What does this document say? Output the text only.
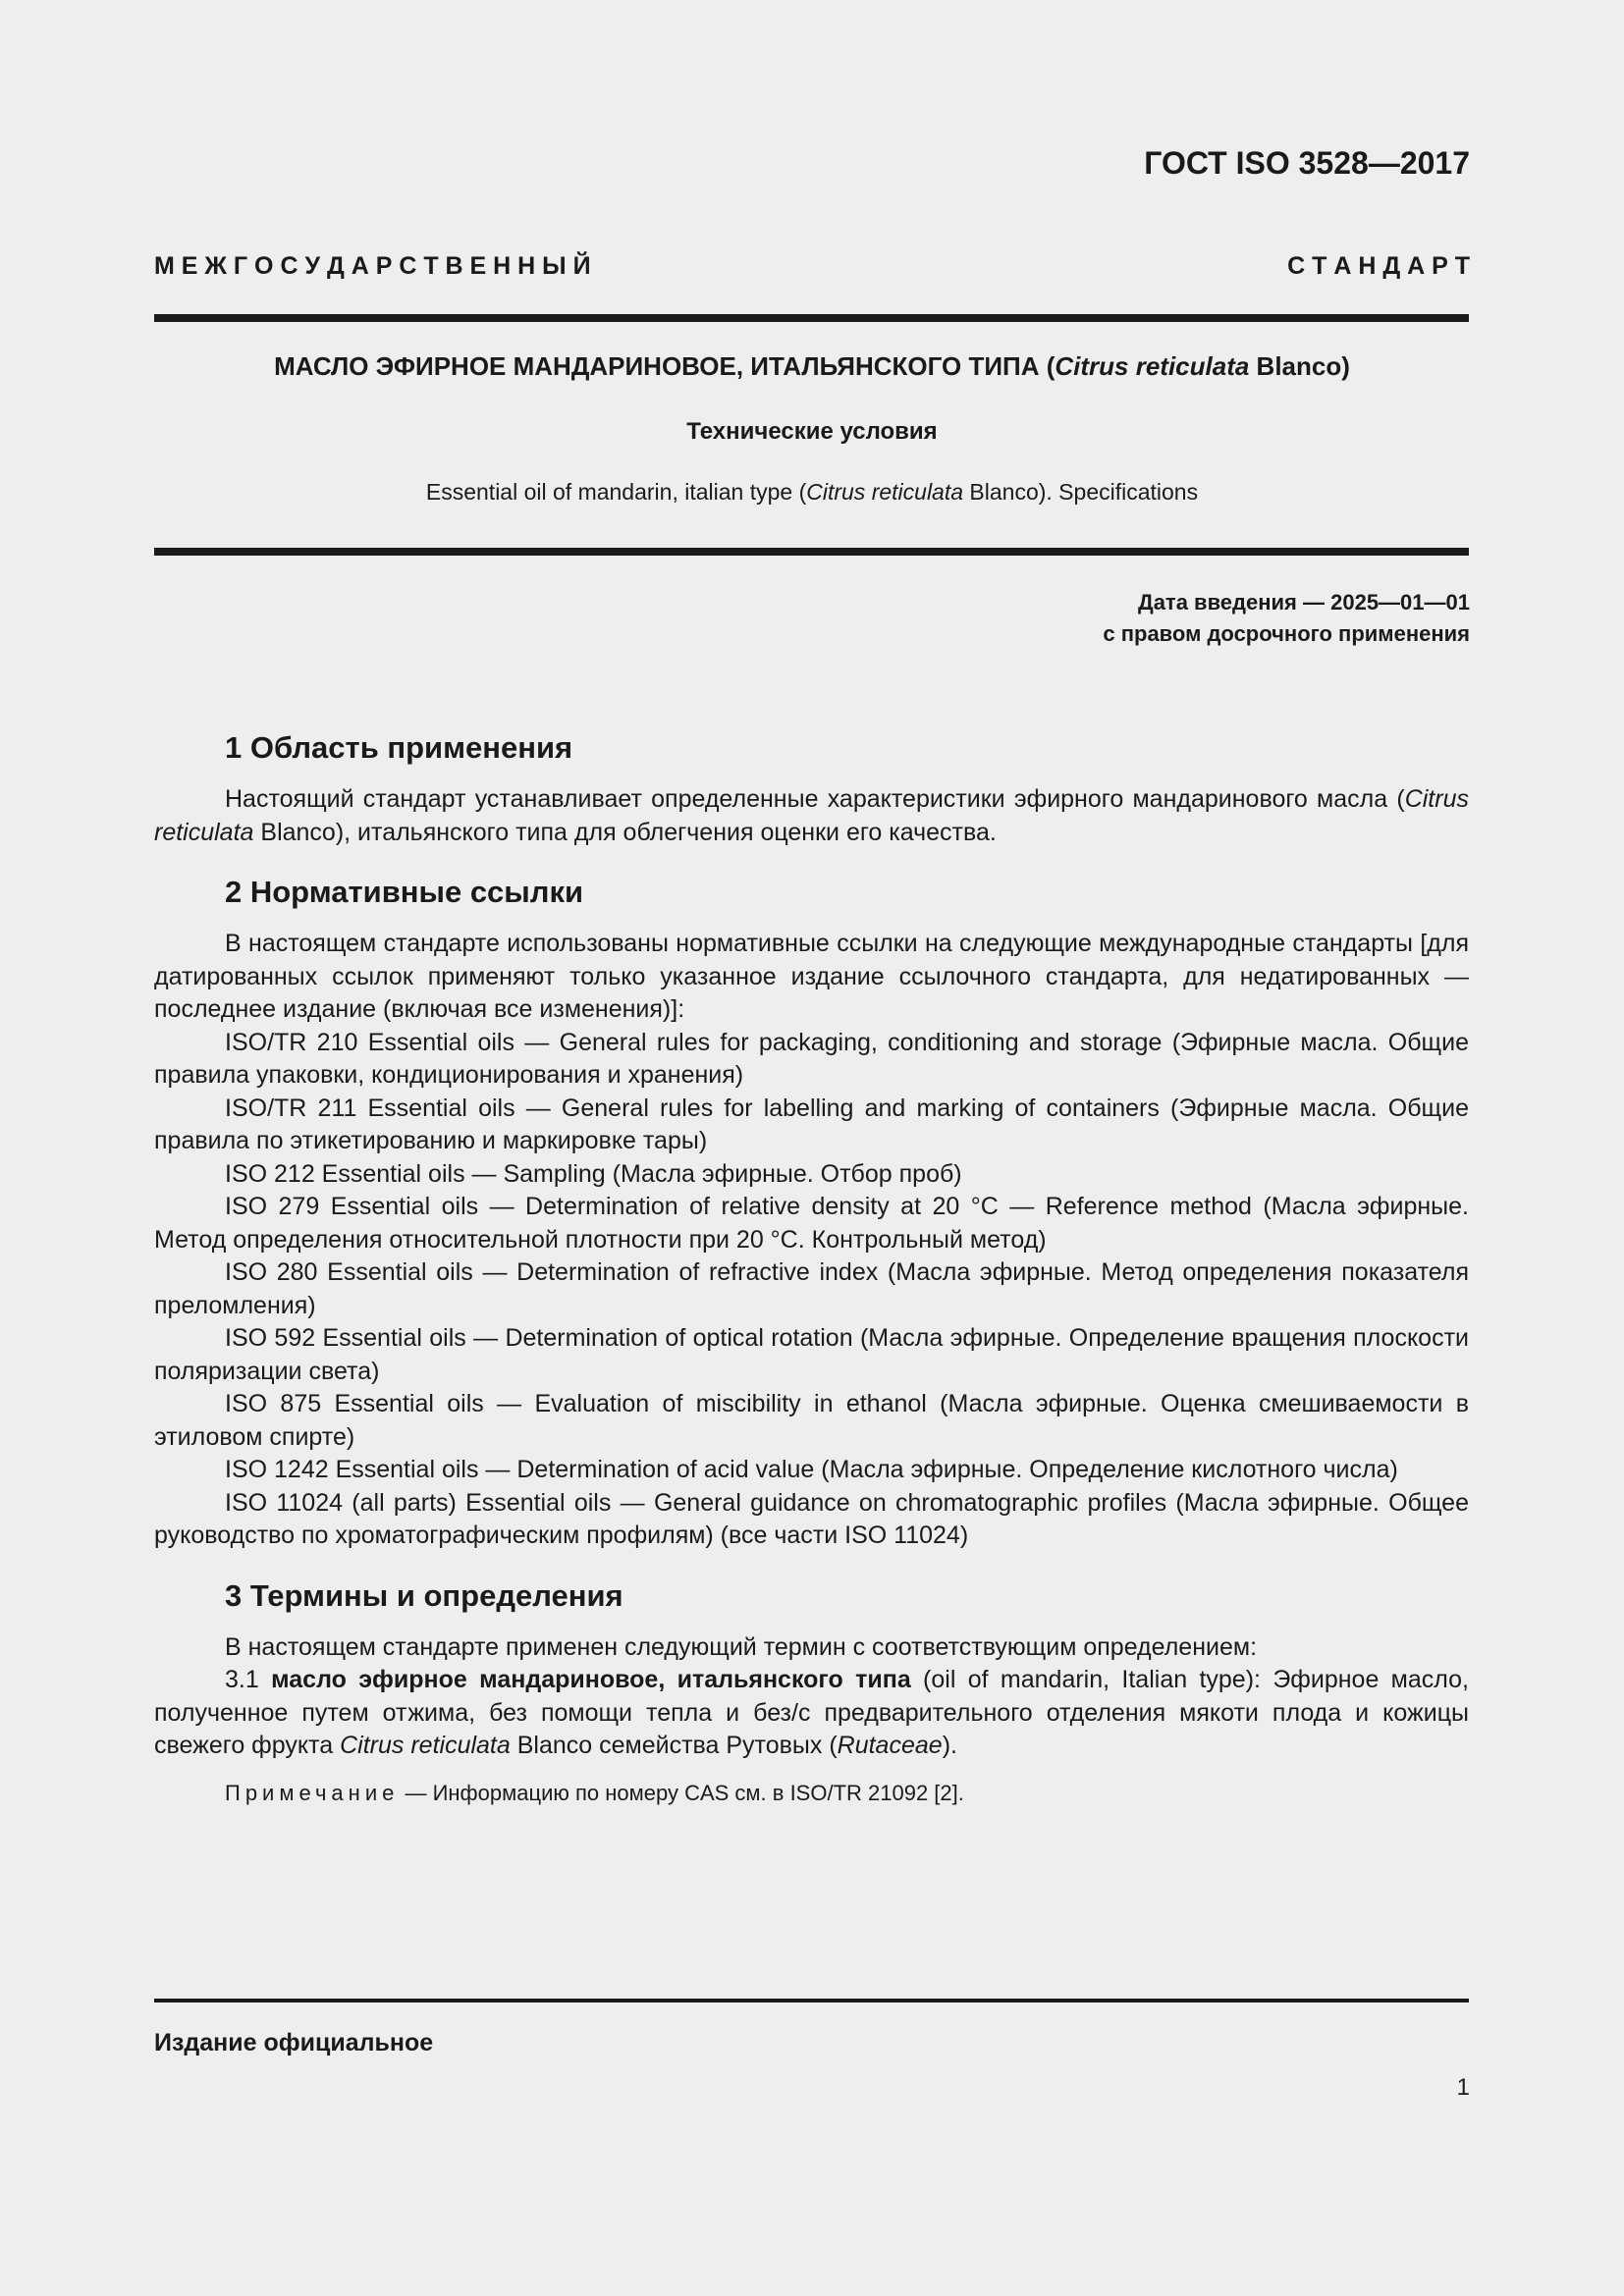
ГОСТ ISO 3528—2017
М Е Ж Г О С У Д А Р С Т В Е Н Н Ы Й	С Т А Н Д А Р Т
МАСЛО ЭФИРНОЕ МАНДАРИНОВОЕ, ИТАЛЬЯНСКОГО ТИПА (Citrus reticulata Blanco)
Технические условия
Essential oil of mandarin, italian type (Citrus reticulata Blanco). Specifications
Дата введения — 2025—01—01
с правом досрочного применения
1 Область применения

Настоящий стандарт устанавливает определенные характеристики эфирного мандаринового масла (Citrus reticulata Blanco), итальянского типа для облегчения оценки его качества.

2 Нормативные ссылки

В настоящем стандарте использованы нормативные ссылки на следующие международные стандарты [для датированных ссылок применяют только указанное издание ссылочного стандарта, для недатированных — последнее издание (включая все изменения)]:

ISO/TR 210 Essential oils — General rules for packaging, conditioning and storage (Эфирные масла. Общие правила упаковки, кондиционирования и хранения)

ISO/TR 211 Essential oils — General rules for labelling and marking of containers (Эфирные масла. Общие правила по этикетированию и маркировке тары)

ISO 212 Essential oils — Sampling (Масла эфирные. Отбор проб)

ISO 279 Essential oils — Determination of relative density at 20 °C — Reference method (Масла эфирные. Метод определения относительной плотности при 20 °С. Контрольный метод)

ISO 280 Essential oils — Determination of refractive index (Масла эфирные. Метод определения показателя преломления)

ISO 592 Essential oils — Determination of optical rotation (Масла эфирные. Определение вращения плоскости поляризации света)

ISO 875 Essential oils — Evaluation of miscibility in ethanol (Масла эфирные. Оценка смешиваемости в этиловом спирте)

ISO 1242 Essential oils — Determination of acid value (Масла эфирные. Определение кислотного числа)

ISO 11024 (all parts) Essential oils — General guidance on chromatographic profiles (Масла эфирные. Общее руководство по хроматографическим профилям) (все части ISO 11024)

3 Термины и определения

В настоящем стандарте применен следующий термин с соответствующим определением:

3.1 масло эфирное мандариновое, итальянского типа (oil of mandarin, Italian type): Эфирное масло, полученное путем отжима, без помощи тепла и без/с предварительного отделения мякоти плода и кожицы свежего фрукта Citrus reticulata Blanco семейства Рутовых (Rutaceae).

Примечание — Информацию по номеру CAS см. в ISO/TR 21092 [2].

Издание официальное
1
